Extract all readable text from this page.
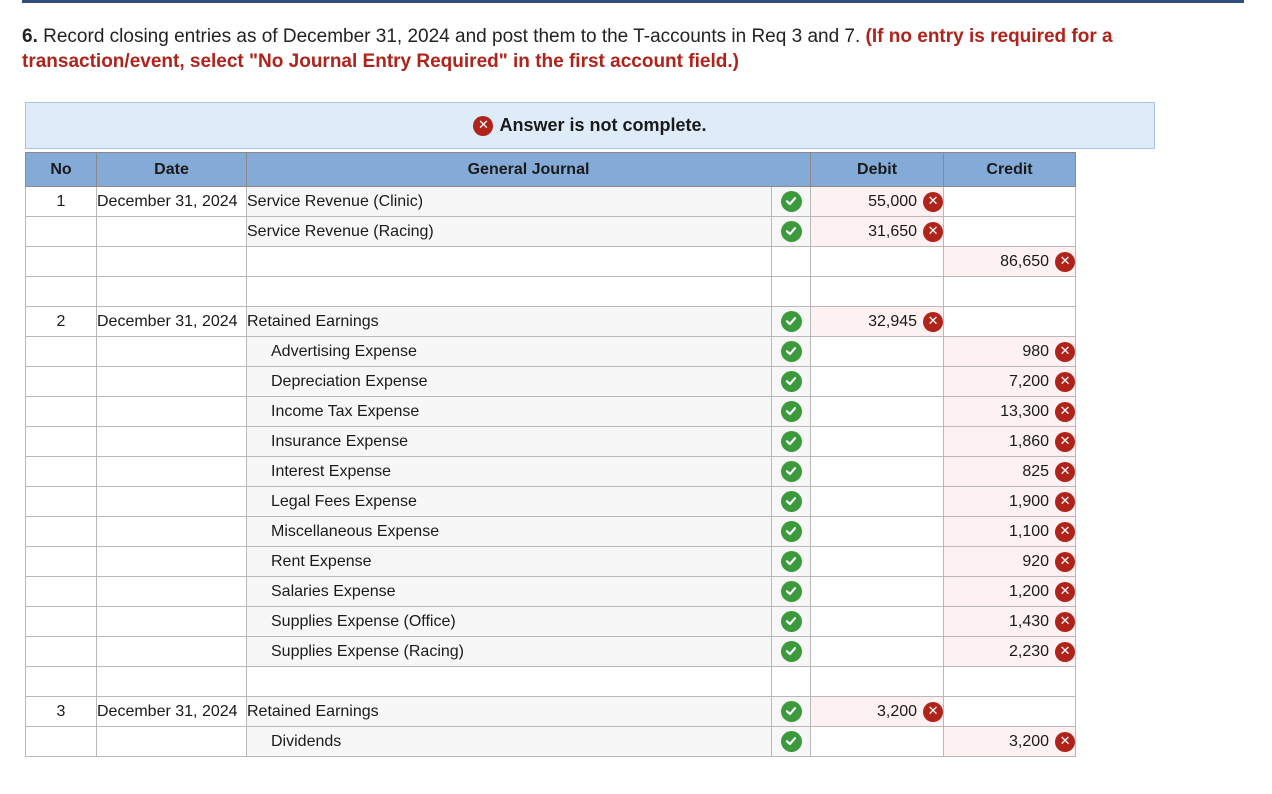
6. Record closing entries as of December 31, 2024 and post them to the T-accounts in Req 3 and 7. (If no entry is required for a transaction/event, select "No Journal Entry Required" in the first account field.)
✕ Answer is not complete.
No	Date	General Journal		Debit	Credit
1	December 31, 2024	Service Revenue (Clinic)		55,000 ✕	

		Service Revenue (Racing)		31,650 ✕	

					86,650 ✕

2	December 31, 2024	Retained Earnings		32,945 ✕	

		Advertising Expense			980 ✕

		Depreciation Expense			7,200 ✕

		Income Tax Expense			13,300 ✕

		Insurance Expense			1,860 ✕

		Interest Expense			825 ✕

		Legal Fees Expense			1,900 ✕

		Miscellaneous Expense			1,100 ✕

		Rent Expense			920 ✕

		Salaries Expense			1,200 ✕

		Supplies Expense (Office)			1,430 ✕

		Supplies Expense (Racing)			2,230 ✕

3	December 31, 2024	Retained Earnings		3,200 ✕	

		Dividends			3,200 ✕
